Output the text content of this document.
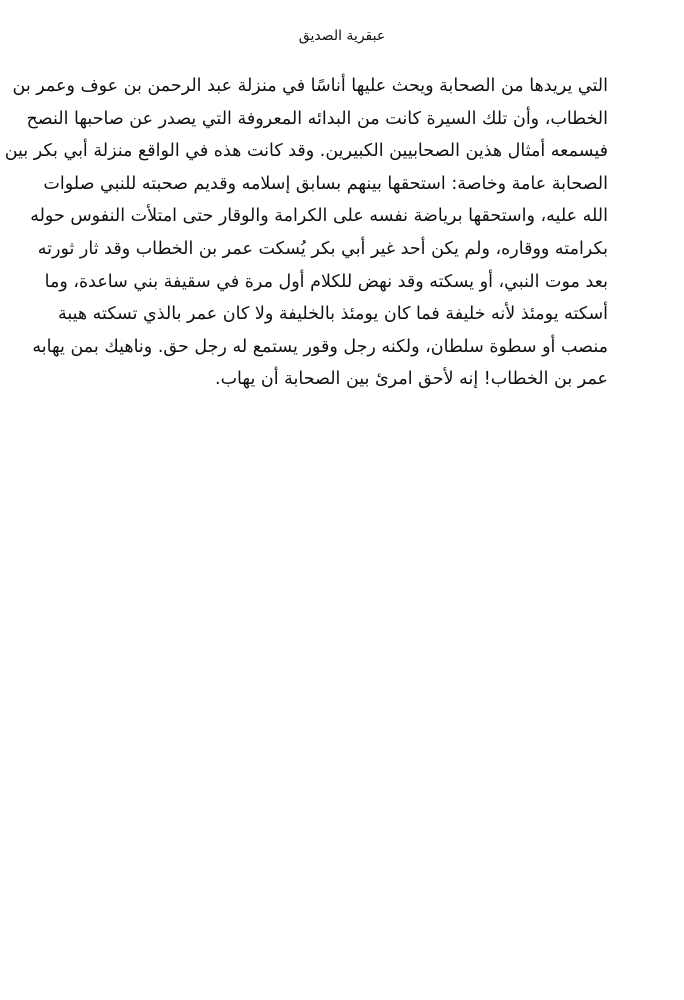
عبقرية الصديق
التي يريدها من الصحابة ويحث عليها أناسًا في منزلة عبد الرحمن بن عوف وعمر بن
الخطاب، وأن تلك السيرة كانت من البدائه المعروفة التي يصدر عن صاحبها النصح
فيسمعه أمثال هذين الصحابيين الكبيرين. وقد كانت هذه في الواقع منزلة أبي بكر بين
الصحابة عامة وخاصة: استحقها بينهم بسابق إسلامه وقديم صحبته للنبي صلوات
الله عليه، واستحقها برياضة نفسه على الكرامة والوقار حتى امتلأت النفوس حوله
بكرامته ووقاره، ولم يكن أحد غير أبي بكر يُسكت عمر بن الخطاب وقد ثار ثورته
بعد موت النبي، أو يسكته وقد نهض للكلام أول مرة في سقيفة بني ساعدة، وما
أسكته يومئذ لأنه خليفة فما كان يومئذ بالخليفة ولا كان عمر بالذي تسكته هيبة
منصب أو سطوة سلطان، ولكنه رجل وقور يستمع له رجل حق. وناهيك بمن يهابه
عمر بن الخطاب! إنه لأحق امرئ بين الصحابة أن يهاب.
